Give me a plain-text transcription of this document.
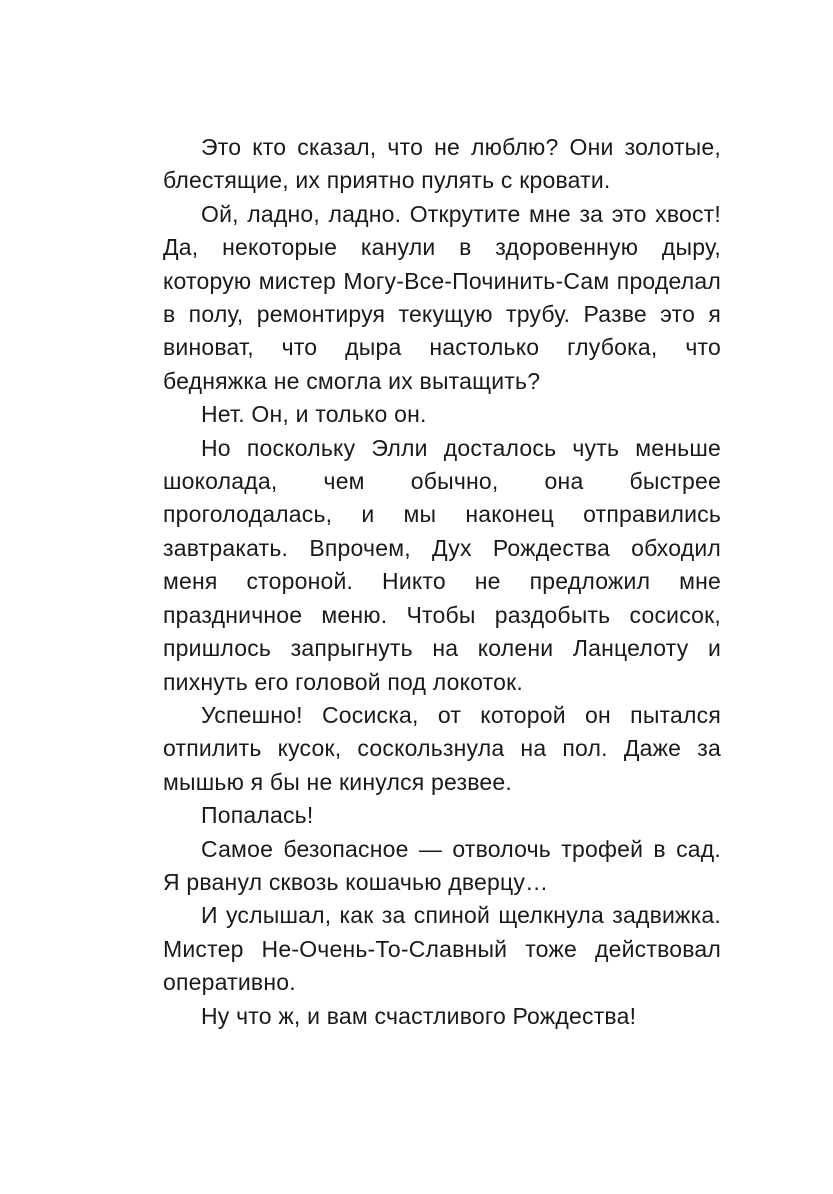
Это кто сказал, что не люблю? Они золотые, блестящие, их приятно пулять с кровати.

Ой, ладно, ладно. Открутите мне за это хвост! Да, некоторые канули в здоровенную дыру, которую мистер Могу-Все-Починить-Сам проделал в полу, ремонтируя текущую трубу. Разве это я виноват, что дыра настолько глубока, что бедняжка не смогла их вытащить?

Нет. Он, и только он.

Но поскольку Элли досталось чуть меньше шоколада, чем обычно, она быстрее проголодалась, и мы наконец отправились завтракать. Впрочем, Дух Рождества обходил меня стороной. Никто не предложил мне праздничное меню. Чтобы раздобыть сосисок, пришлось запрыгнуть на колени Ланцелоту и пихнуть его головой под локоток.

Успешно! Сосиска, от которой он пытался отпилить кусок, соскользнула на пол. Даже за мышью я бы не кинулся резвее.

Попалась!

Самое безопасное — отволочь трофей в сад. Я рванул сквозь кошачью дверцу…

И услышал, как за спиной щелкнула задвижка. Мистер Не-Очень-То-Славный тоже действовал оперативно.

Ну что ж, и вам счастливого Рождества!
